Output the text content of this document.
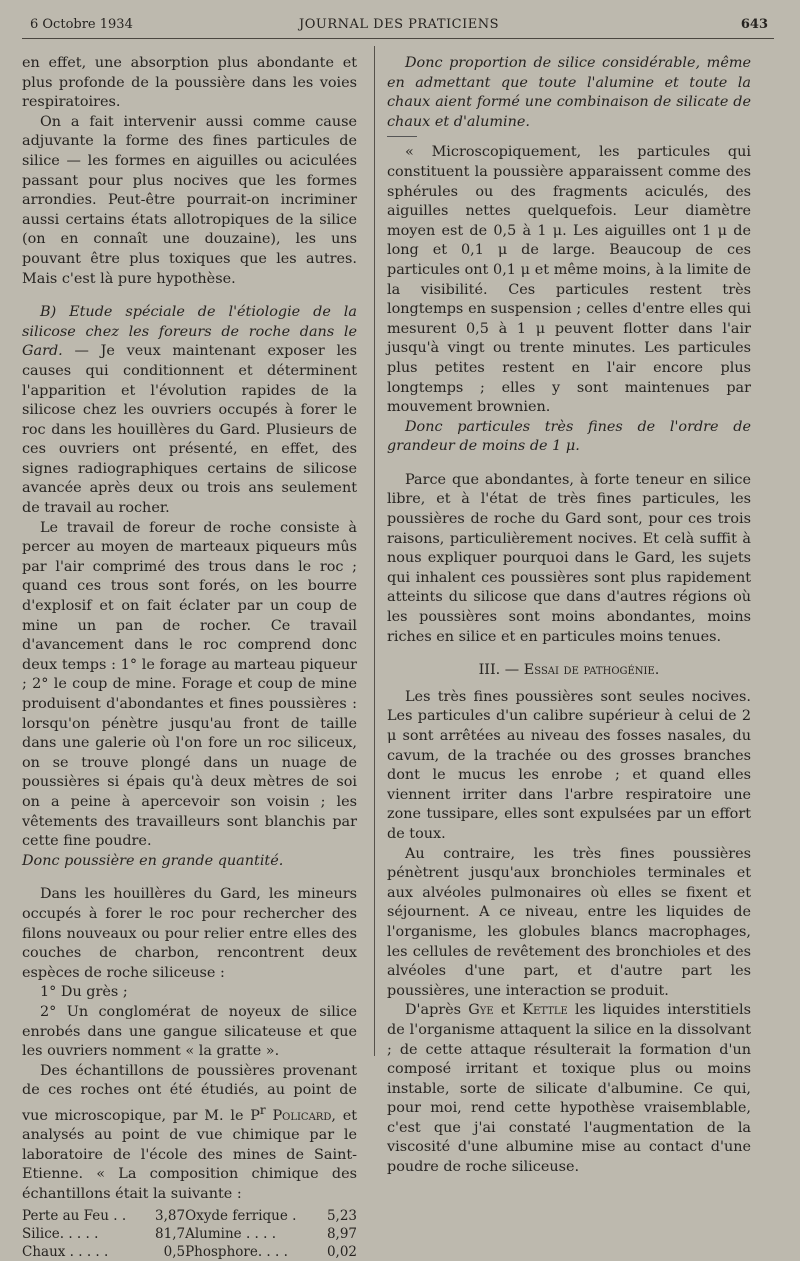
6 Octobre 1934	JOURNAL DES PRATICIENS	643

en effet, une absorption plus abondante et plus profonde de la poussière dans les voies respiratoires.

On a fait intervenir aussi comme cause adjuvante la forme des fines particules de silice — les formes en aiguilles ou aciculées passant pour plus nocives que les formes arrondies. Peut-être pourrait-on incriminer aussi certains états allotropiques de la silice (on en connaît une douzaine), les uns pouvant être plus toxiques que les autres. Mais c'est là pure hypothèse.

B) Etude spéciale de l'étiologie de la silicose chez les foreurs de roche dans le Gard. — Je veux maintenant exposer les causes qui conditionnent et déterminent l'apparition et l'évolution rapides de la silicose chez les ouvriers occupés à forer le roc dans les houillères du Gard. Plusieurs de ces ouvriers ont présenté, en effet, des signes radiographiques certains de silicose avancée après deux ou trois ans seulement de travail au rocher.

Le travail de foreur de roche consiste à percer au moyen de marteaux piqueurs mûs par l'air comprimé des trous dans le roc ; quand ces trous sont forés, on les bourre d'explosif et on fait éclater par un coup de mine un pan de rocher. Ce travail d'avancement dans le roc comprend donc deux temps : 1° le forage au marteau piqueur ; 2° le coup de mine. Forage et coup de mine produisent d'abondantes et fines poussières : lorsqu'on pénètre jusqu'au front de taille dans une galerie où l'on fore un roc siliceux, on se trouve plongé dans un nuage de poussières si épais qu'à deux mètres de soi on a peine à apercevoir son voisin ; les vêtements des travailleurs sont blanchis par cette fine poudre.

Donc poussière en grande quantité.

Dans les houillères du Gard, les mineurs occupés à forer le roc pour rechercher des filons nouveaux ou pour relier entre elles des couches de charbon, rencontrent deux espèces de roche siliceuse :

1° Du grès ;

2° Un conglomérat de noyeux de silice enrobés dans une gangue silicateuse et que les ouvriers nomment « la gratte ».

Des échantillons de poussières provenant de ces roches ont été étudiés, au point de vue microscopique, par M. le $P^r$ Policard, et analysés au point de vue chimique par le laboratoire de l'école des mines de Saint-Etienne. « La composition chimique des échantillons était la suivante :

Perte au Feu . .	3,87	Oxyde ferrique .	5,23
Silice. . . . .	81,7	Alumine . . . .	8,97
Chaux . . . . .	0,5	Phosphore. . . .	0,02

Donc proportion de silice considérable, même en admettant que toute l'alumine et toute la chaux aient formé une combinaison de silicate de chaux et d'alumine.

« Microscopiquement, les particules qui constituent la poussière apparaissent comme des sphérules ou des fragments aciculés, des aiguilles nettes quelquefois. Leur diamètre moyen est de 0,5 à 1 μ. Les aiguilles ont 1 μ de long et 0,1 μ de large. Beaucoup de ces particules ont 0,1 μ et même moins, à la limite de la visibilité. Ces particules restent très longtemps en suspension ; celles d'entre elles qui mesurent 0,5 à 1 μ peuvent flotter dans l'air jusqu'à vingt ou trente minutes. Les particules plus petites restent en l'air encore plus longtemps ; elles y sont maintenues par mouvement brownien.

Donc particules très fines de l'ordre de grandeur de moins de 1 μ.

Parce que abondantes, à forte teneur en silice libre, et à l'état de très fines particules, les poussières de roche du Gard sont, pour ces trois raisons, particulièrement nocives. Et celà suffit à nous expliquer pourquoi dans le Gard, les sujets qui inhalent ces poussières sont plus rapidement atteints du silicose que dans d'autres régions où les poussières sont moins abondantes, moins riches en silice et en particules moins tenues.

III. — Essai de pathogénie.

Les très fines poussières sont seules nocives. Les particules d'un calibre supérieur à celui de 2 μ sont arrêtées au niveau des fosses nasales, du cavum, de la trachée ou des grosses branches dont le mucus les enrobe ; et quand elles viennent irriter dans l'arbre respiratoire une zone tussipare, elles sont expulsées par un effort de toux.

Au contraire, les très fines poussières pénètrent jusqu'aux bronchioles terminales et aux alvéoles pulmonaires où elles se fixent et séjournent. A ce niveau, entre les liquides de l'organisme, les globules blancs macrophages, les cellules de revêtement des bronchioles et des alvéoles d'une part, et d'autre part les poussières, une interaction se produit.

D'après Gye et Kettle les liquides interstitiels de l'organisme attaquent la silice en la dissolvant ; de cette attaque résulterait la formation d'un composé irritant et toxique plus ou moins instable, sorte de silicate d'albumine. Ce qui, pour moi, rend cette hypothèse vraisemblable, c'est que j'ai constaté l'augmentation de la viscosité d'une albumine mise au contact d'une poudre de roche siliceuse.
